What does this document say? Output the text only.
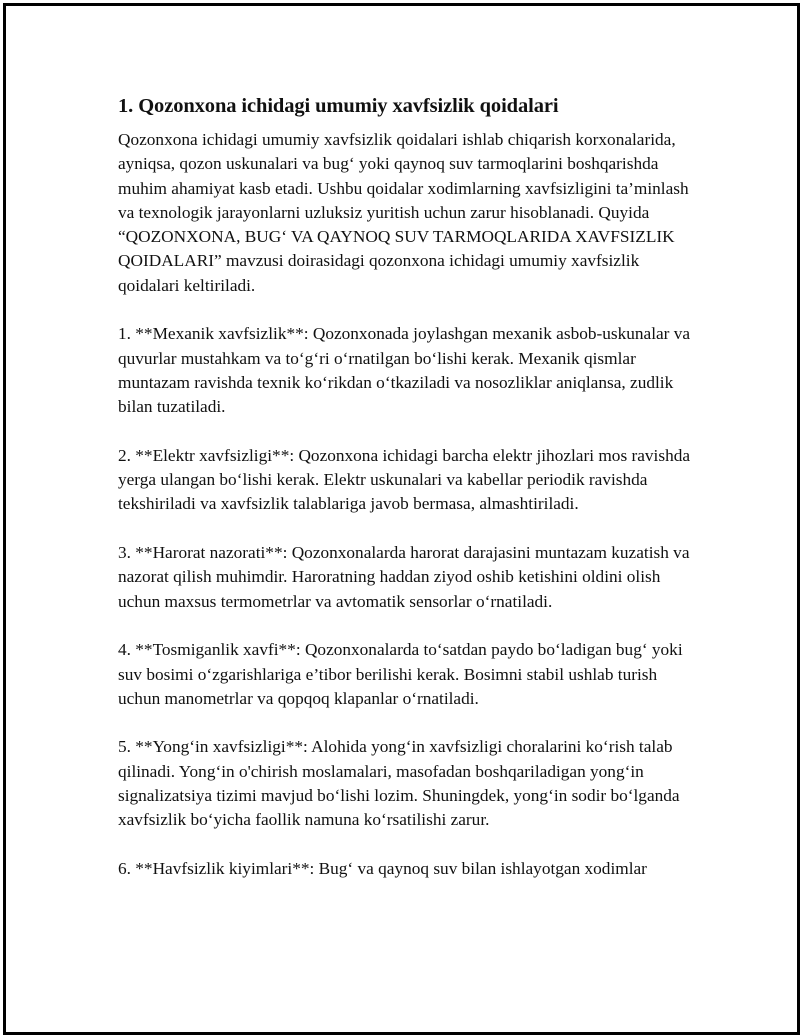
1. Qozonxona ichidagi umumiy xavfsizlik qoidalari

Qozonxona ichidagi umumiy xavfsizlik qoidalari ishlab chiqarish korxonalarida, ayniqsa, qozon uskunalari va bug‘ yoki qaynoq suv tarmoqlarini boshqarishda muhim ahamiyat kasb etadi. Ushbu qoidalar xodimlarning xavfsizligini ta’minlash va texnologik jarayonlarni uzluksiz yuritish uchun zarur hisoblanadi. Quyida “QOZONXONA, BUG‘ VA QAYNOQ SUV TARMOQLARIDA XAVFSIZLIK QOIDALARI” mavzusi doirasidagi qozonxona ichidagi umumiy xavfsizlik qoidalari keltiriladi.

1. **Mexanik xavfsizlik**: Qozonxonada joylashgan mexanik asbob-uskunalar va quvurlar mustahkam va to‘g‘ri o‘rnatilgan bo‘lishi kerak. Mexanik qismlar muntazam ravishda texnik ko‘rikdan o‘tkaziladi va nosozliklar aniqlansa, zudlik bilan tuzatiladi.

2. **Elektr xavfsizligi**: Qozonxona ichidagi barcha elektr jihozlari mos ravishda yerga ulangan bo‘lishi kerak. Elektr uskunalari va kabellar periodik ravishda tekshiriladi va xavfsizlik talablariga javob bermasa, almashtiriladi.

3. **Harorat nazorati**: Qozonxonalarda harorat darajasini muntazam kuzatish va nazorat qilish muhimdir. Haroratning haddan ziyod oshib ketishini oldini olish uchun maxsus termometrlar va avtomatik sensorlar o‘rnatiladi.

4. **Tosmiganlik xavfi**: Qozonxonalarda to‘satdan paydo bo‘ladigan bug‘ yoki suv bosimi o‘zgarishlariga e’tibor berilishi kerak. Bosimni stabil ushlab turish uchun manometrlar va qopqoq klapanlar o‘rnatiladi.

5. **Yong‘in xavfsizligi**: Alohida yong‘in xavfsizligi choralarini ko‘rish talab qilinadi. Yong‘in o'chirish moslamalari, masofadan boshqariladigan yong‘in signalizatsiya tizimi mavjud bo‘lishi lozim. Shuningdek, yong‘in sodir bo‘lganda xavfsizlik bo‘yicha faollik namuna ko‘rsatilishi zarur.

6. **Havfsizlik kiyimlari**: Bug‘ va qaynoq suv bilan ishlayotgan xodimlar
